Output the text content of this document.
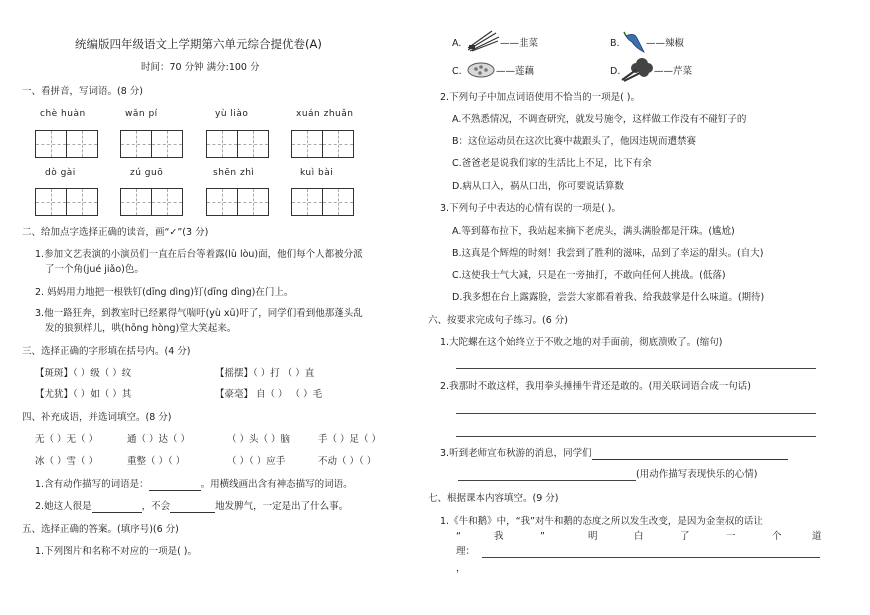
统编版四年级语文上学期第六单元综合提优卷(A)
时间：70 分钟 满分:100 分
一、看拼音，写词语。(8 分)
chè huàn	wǎn pí	yù liào	xuán zhuǎn
dò gài	zú guō	shēn zhì	kuì bài
二、给加点字选择正确的读音，画“✓”(3 分)
1.参加文艺表演的小演员们一直在后台等着露(lù lòu)面，他们每个人都被分派
了一个角(jué jiǎo)色。
2. 妈妈用力地把一根铁钉(dīng dìng)钉(dīng dìng)在门上。
3.他一路狂奔，到教室时已经累得气喘吁(yù xū)吁了，同学们看到他那蓬头乱
发的狼狈样儿，哄(hōng hòng)堂大笑起来。
三、选择正确的字形填在括号内。(4 分)
【斑斑】（ ）级（ ）纹	【摇摆】（ ）打 （ ）直
【尤犹】（ ）如（ ）其	【豪毫】 自（ ） （ ）毛
四、补充成语，并选词填空。(8 分)
无（ ）无（ ）	通（ ）达（ ）	（ ）头（ ）脑	手（ ）足（ ）
冰（ ）雪（ ）	重整（ ）（ ）	（ ）（ ）应手	不动（ ）（ ）
1.含有动作描写的词语是：	。用横线画出含有神态描写的词语。
2.她这人很是	，不会	地发脾气，一定是出了什么事。
五、选择正确的答案。(填序号)(6 分)
1.下列图片和名称不对应的一项是( )。
A.	——韭菜	B.	——辣椒
C.	——莲藕	D.	——芹菜
2.下列句子中加点词语使用不恰当的一项是( )。
A.不熟悉情况，不调查研究，就发号施令，这样做工作没有不碰钉子的
B：这位运动员在这次比赛中裁跟头了，他因违规而遭禁赛
C.爸爸老是说我们家的生活比上不足，比下有余
D.病从口入，祸从口出，你可要说话算数
3.下列句子中表达的心情有误的一项是( )。
A.等到幕布拉下，我站起来摘下老虎头，满头满脸都是汗珠。(尴尬)
B.这真是个辉煌的时刻！我尝到了胜利的滋味，品到了幸运的甜头。(自大)
C.这使我士气大减，只是在一旁抽打，不敢向任何人挑战。(低落)
D.我多想在台上露露脸，尝尝大家都看着我、给我鼓掌是什么味道。(期待)
六、按要求完成句子练习。(6 分)
1.大陀螺在这个始终立于不败之地的对手面前，彻底溃败了。(缩句)
2.我那时不敢这样，我用拳头捶捶牛背还是敢的。(用关联词语合成一句话)
3.听到老师宣布秋游的消息，同学们
(用动作描写表现快乐的心情)
七、根据课本内容填空。(9 分)
1.《牛和鹅》中，“我”对牛和鹅的态度之所以发生改变，是因为金奎叔的话让
“	我	”	明	白	了	一	个	道
理：
，
